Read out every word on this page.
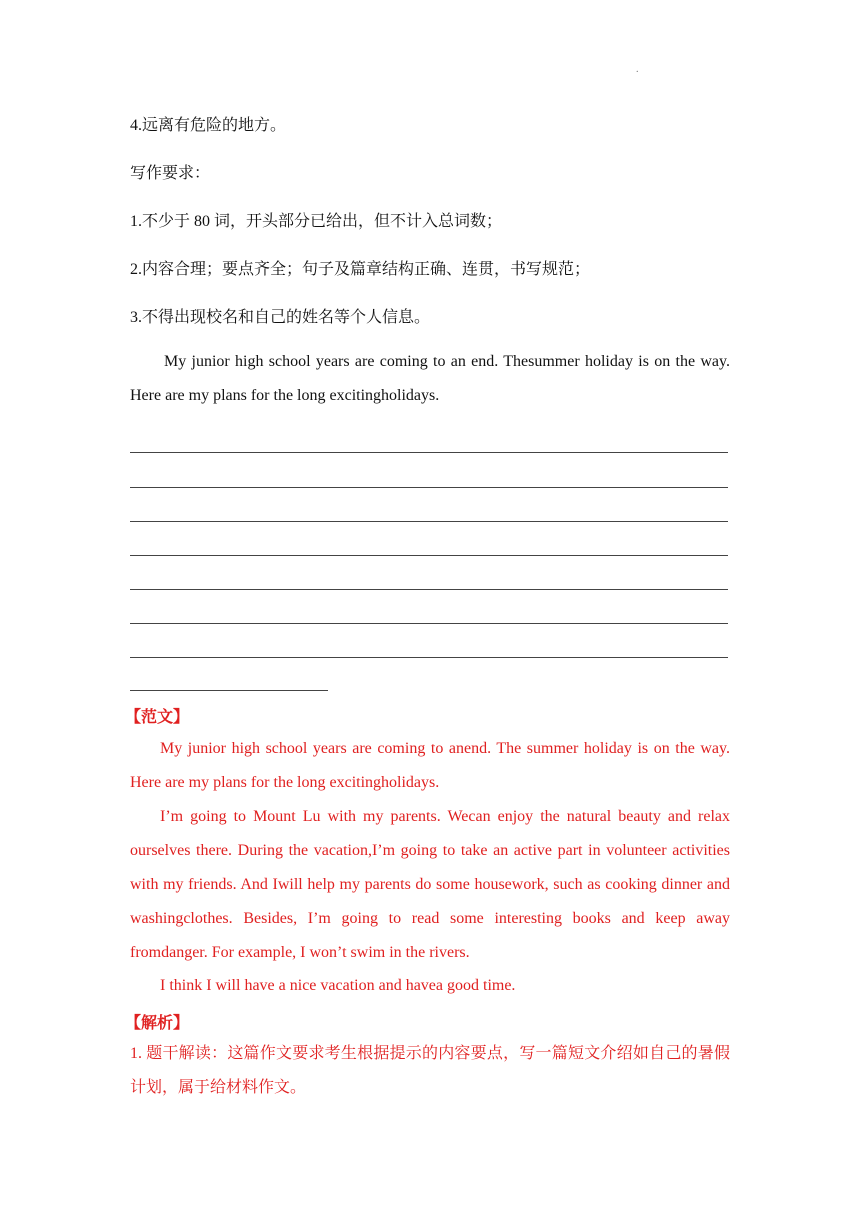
.
4.远离有危险的地方。
写作要求：
1.不少于 80 词，开头部分已给出，但不计入总词数；
2.内容合理；要点齐全；句子及篇章结构正确、连贯，书写规范；
3.不得出现校名和自己的姓名等个人信息。
My junior high school years are coming to an end. Thesummer holiday is on the way. Here are my plans for the long excitingholidays.
【范文】
My junior high school years are coming to anend. The summer holiday is on the way. Here are my plans for the long excitingholidays.
I’m going to Mount Lu with my parents. Wecan enjoy the natural beauty and relax ourselves there. During the vacation,I’m going to take an active part in volunteer activities with my friends. And Iwill help my parents do some housework, such as cooking dinner and washingclothes. Besides, I’m going to read some interesting books and keep away fromdanger. For example, I won’t swim in the rivers.
I think I will have a nice vacation and havea good time.
【解析】
1. 题干解读：这篇作文要求考生根据提示的内容要点，写一篇短文介绍如自己的暑假计划，属于给材料作文。
